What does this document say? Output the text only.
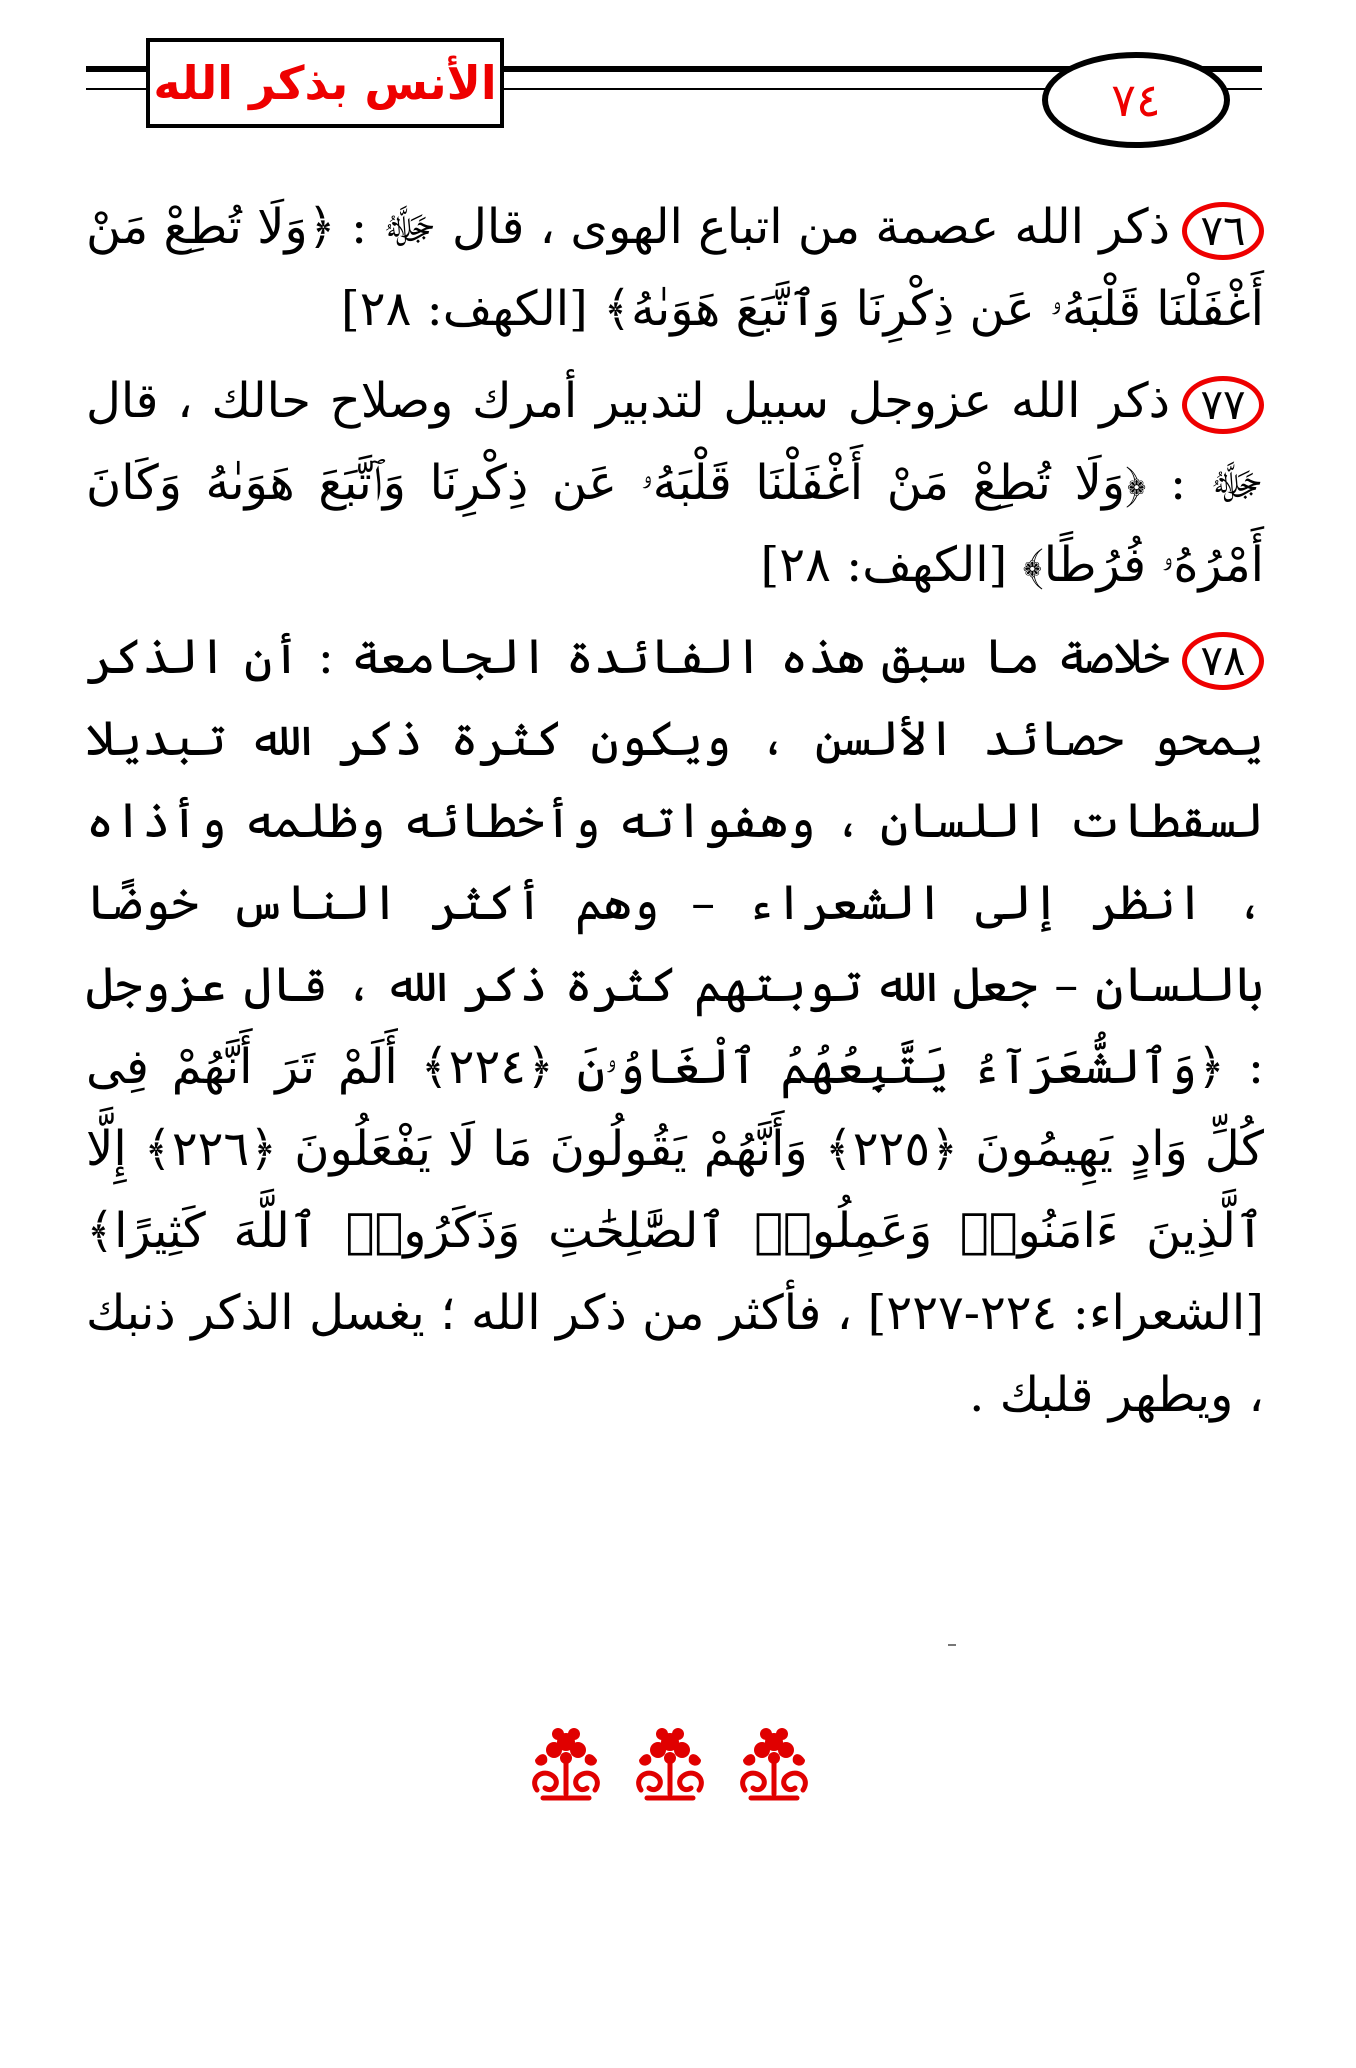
الأنس بذكر الله	٧٤

٧٦ذكر الله عصمة من اتباع الهوى ، قال ﷻ : ﴿وَلَا تُطِعْ مَنْ أَغْفَلْنَا قَلْبَهُۥ عَن ذِكْرِنَا وَٱتَّبَعَ هَوَىٰهُ﴾ [الكهف: ٢٨]

٧٧ذكر الله عزوجل سبيل لتدبير أمرك وصلاح حالك ، قال ﷻ : ﴿وَلَا تُطِعْ مَنْ أَغْفَلْنَا قَلْبَهُۥ عَن ذِكْرِنَا وَٱتَّبَعَ هَوَىٰهُ وَكَانَ أَمْرُهُۥ فُرُطًا﴾ [الكهف: ٢٨]

٧٨خلاصة ما سبق هذه الفائدة الجامعة : أن الذكر يمحو حصائد الألسن ، ويكون كثرة ذكر الله تبديلا لسقطات اللسان ، وهفواته وأخطائه وظلمه وأذاه ، انظر إلى الشعراء – وهم أكثر الناس خوضًا باللسان – جعل الله توبتهم كثرة ذكر الله ، قال عزوجل : ﴿وَٱلشُّعَرَآءُ يَتَّبِعُهُمُ ٱلْغَاوُۥنَ ﴿٢٢٤﴾ أَلَمْ تَرَ أَنَّهُمْ فِى كُلِّ وَادٍ يَهِيمُونَ ﴿٢٢٥﴾ وَأَنَّهُمْ يَقُولُونَ مَا لَا يَفْعَلُونَ ﴿٢٢٦﴾ إِلَّا ٱلَّذِينَ ءَامَنُوا۟ وَعَمِلُوا۟ ٱلصَّٰلِحَٰتِ وَذَكَرُوا۟ ٱللَّهَ كَثِيرًا﴾ [الشعراء: ٢٢٤-٢٢٧] ، فأكثر من ذكر الله ؛ يغسل الذكر ذنبك ، ويطهر قلبك .
